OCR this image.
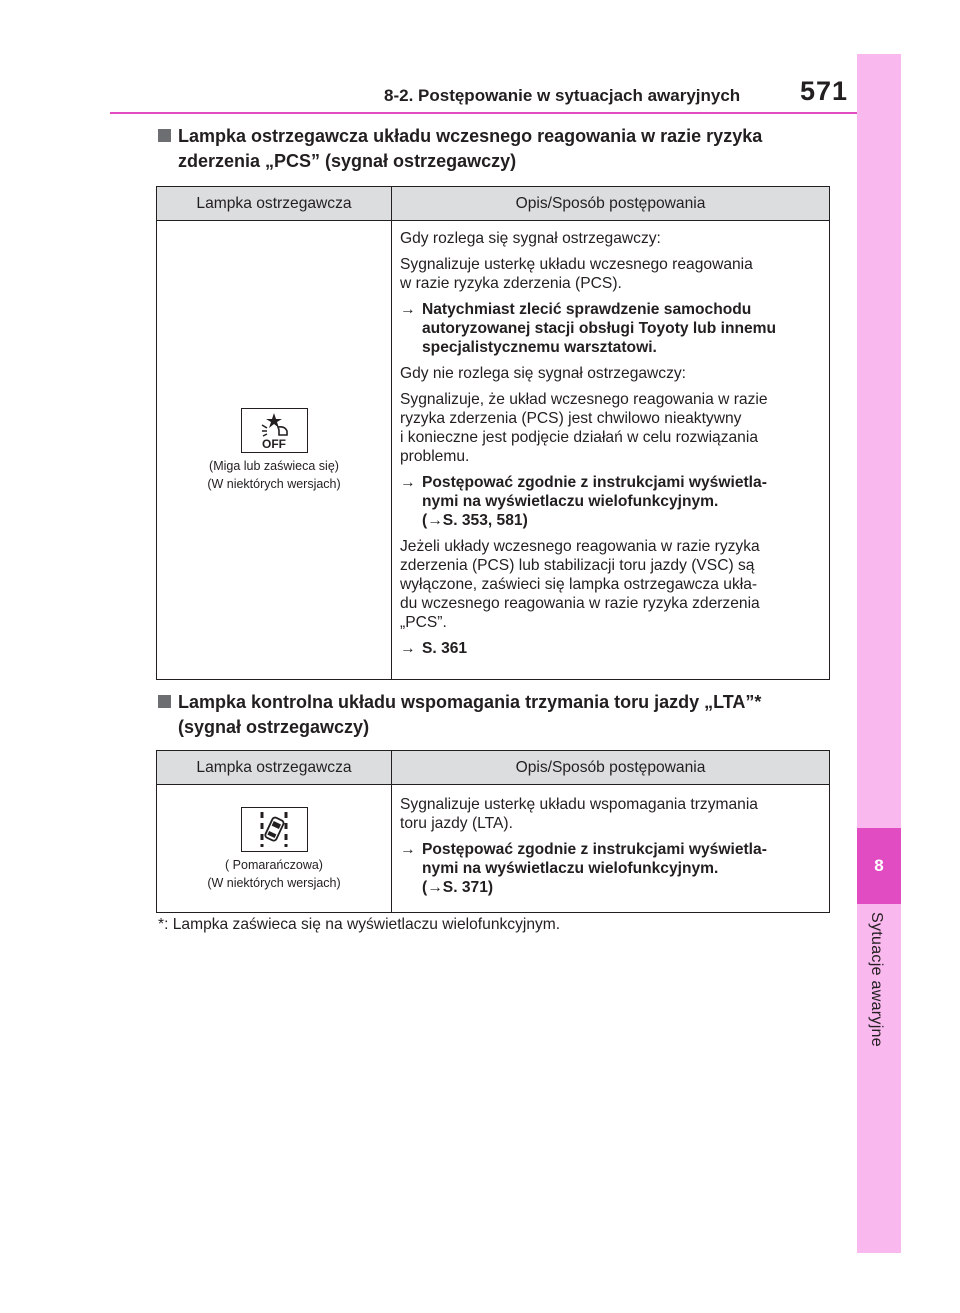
8
Sytuacje awaryjne
8-2. Postępowanie w sytuacjach awaryjnych 571
Lampka ostrzegawcza układu wczesnego reagowania w razie ryzyka
zderzenia „PCS” (sygnał ostrzegawczy)
Lampka ostrzegawcza	Opis/Sposób postępowania
OFF
(Miga lub zaświeca się)
(W niektórych wersjach)

Gdy rozlega się sygnał ostrzegawczy:

Sygnalizuje usterkę układu wczesnego reagowania
w razie ryzyka zderzenia (PCS).

→ Natychmiast zlecić sprawdzenie samochodu
autoryzowanej stacji obsługi Toyoty lub innemu
specjalistycznemu warsztatowi.

Gdy nie rozlega się sygnał ostrzegawczy:

Sygnalizuje, że układ wczesnego reagowania w razie
ryzyka zderzenia (PCS) jest chwilowo nieaktywny
i konieczne jest podjęcie działań w celu rozwiązania
problemu.

→ Postępować zgodnie z instrukcjami wyświetla-
nymi na wyświetlaczu wielofunkcyjnym.
(→S. 353, 581)

Jeżeli układy wczesnego reagowania w razie ryzyka
zderzenia (PCS) lub stabilizacji toru jazdy (VSC) są
wyłączone, zaświeci się lampka ostrzegawcza ukła-
du wczesnego reagowania w razie ryzyka zderzenia
„PCS”.

→ S. 361

Lampka kontrolna układu wspomagania trzymania toru jazdy „LTA”*
(sygnał ostrzegawczy)
Lampka ostrzegawcza	Opis/Sposób postępowania
( Pomarańczowa)
(W niektórych wersjach)

Sygnalizuje usterkę układu wspomagania trzymania
toru jazdy (LTA).

→ Postępować zgodnie z instrukcjami wyświetla-
nymi na wyświetlaczu wielofunkcyjnym.
(→S. 371)

*: Lampka zaświeca się na wyświetlaczu wielofunkcyjnym.
